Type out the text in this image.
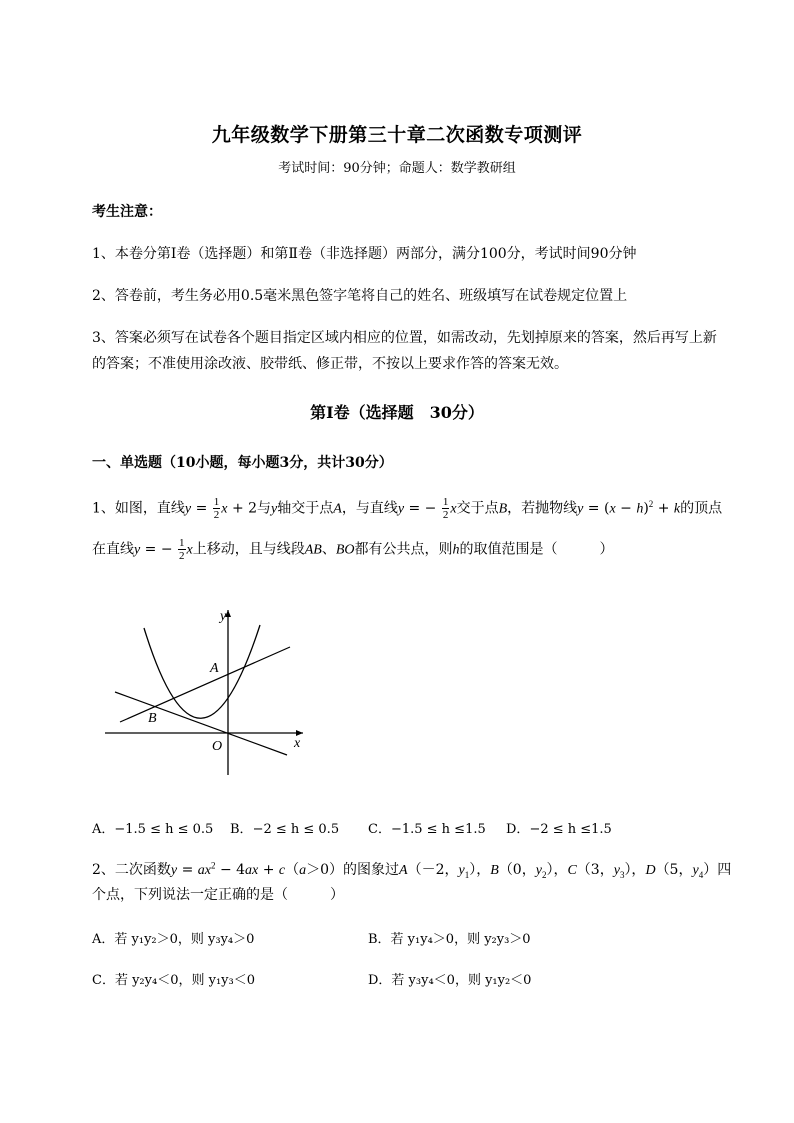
九年级数学下册第三十章二次函数专项测评
考试时间：90分钟；命题人：数学教研组
考生注意：
1、本卷分第I卷（选择题）和第Ⅱ卷（非选择题）两部分，满分100分，考试时间90分钟
2、答卷前，考生务必用0.5毫米黑色签字笔将自己的姓名、班级填写在试卷规定位置上
3、答案必须写在试卷各个题目指定区域内相应的位置，如需改动，先划掉原来的答案，然后再写上新
的答案；不准使用涂改液、胶带纸、修正带，不按以上要求作答的答案无效。
第I卷（选择题　30分）
一、单选题（10小题，每小题3分，共计30分）
1、如图，直线$y = \frac{1}{2}$ x + 2与y轴交于点A，与直线y = − $\frac{1}{2}$ x交于点B，若抛物线$y = (x - h)^2 + k$的顶点
在直线y = − $\frac{1}{2}$ x上移动，且与线段AB、BO都有公共点，则h的取值范围是（　　　）
y
x
A
B
O
A．−1.5 ≤ h ≤ 0.5 B．−2 ≤ h ≤ 0.5 C．−1.5 ≤ h ≤1.5 D．−2 ≤ h ≤1.5
2、二次函数$y = ax^2 - 4ax + c(a>0)$的图象过A（－2，$y_1$），B（0，$y_2$），C（3，$y_3$），D（5，$y_4$）四
个点，下列说法一定正确的是（　　　）
A．若 y₁y₂＞0，则 y₃y₄＞0	B．若 y₁y₄＞0，则 y₂y₃＞0
C．若 y₂y₄＜0，则 y₁y₃＜0	D．若 y₃y₄＜0，则 y₁y₂＜0
